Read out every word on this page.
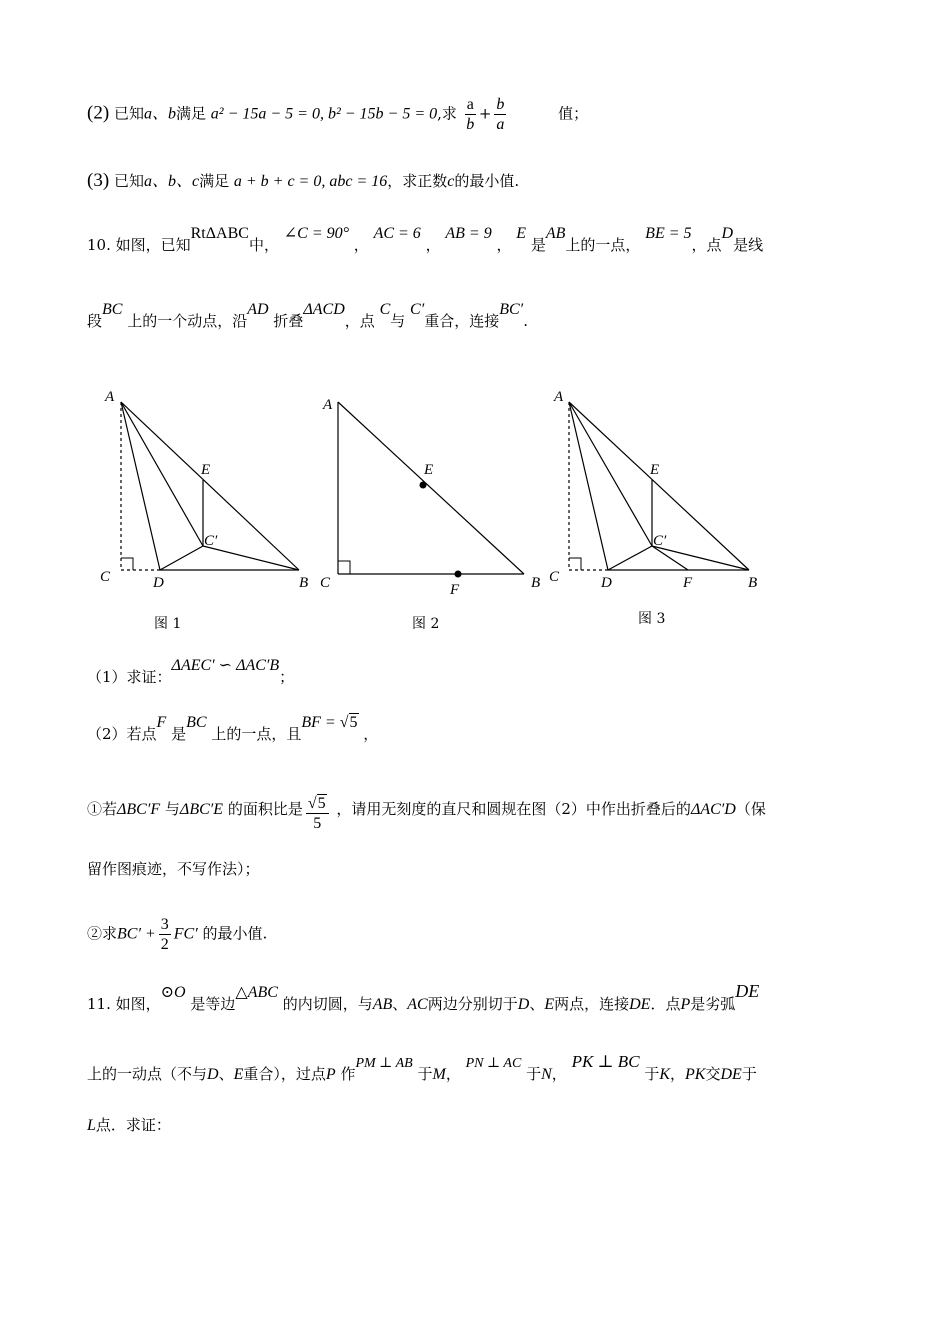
(2) 已知a、b满足 a² − 15a − 5 = 0, b² − 15b − 5 = 0,求 $\frac{a}{b} + \frac{b}{a}$	值；
(3) 已知a、b、c满足 a + b + c = 0, abc = 16，求正数c的最小值.
10. 如图，已知RtΔABC中， ∠C = 90° ， AC = 6 ， AB = 9 ， E 是AB上的一点， BE = 5，点D是线
段BC 上的一个动点，沿AD 折叠ΔACD，点 C与 C′重合，连接BC′.
A
E
C′
C	D	B
图 1
A
E
C	F	B
图 2
A
E
C′
C	D	F	B
图 3
（1）求证：ΔAEC′ ∽ ΔAC′B；
（2）若点F 是BC 上的一点，且BF = √5 ，
①若ΔBC′F 与ΔBC′E 的面积比是 $\frac{√5}{5}$ ，请用无刻度的直尺和圆规在图（2）中作出折叠后的ΔAC′D（保
留作图痕迹，不写作法）；
②求$BC' + \frac{3}{2} FC'$ 的最小值.
11. 如图，⊙O 是等边△ABC 的内切圆，与AB、AC两边分别切于D、E两点，连接DE．点P是劣弧DE
上的一动点（不与D、E重合），过点P 作PM ⊥ AB 于M， PN ⊥ AC 于N， PK ⊥ BC 于K，PK交DE于
L点．求证：
